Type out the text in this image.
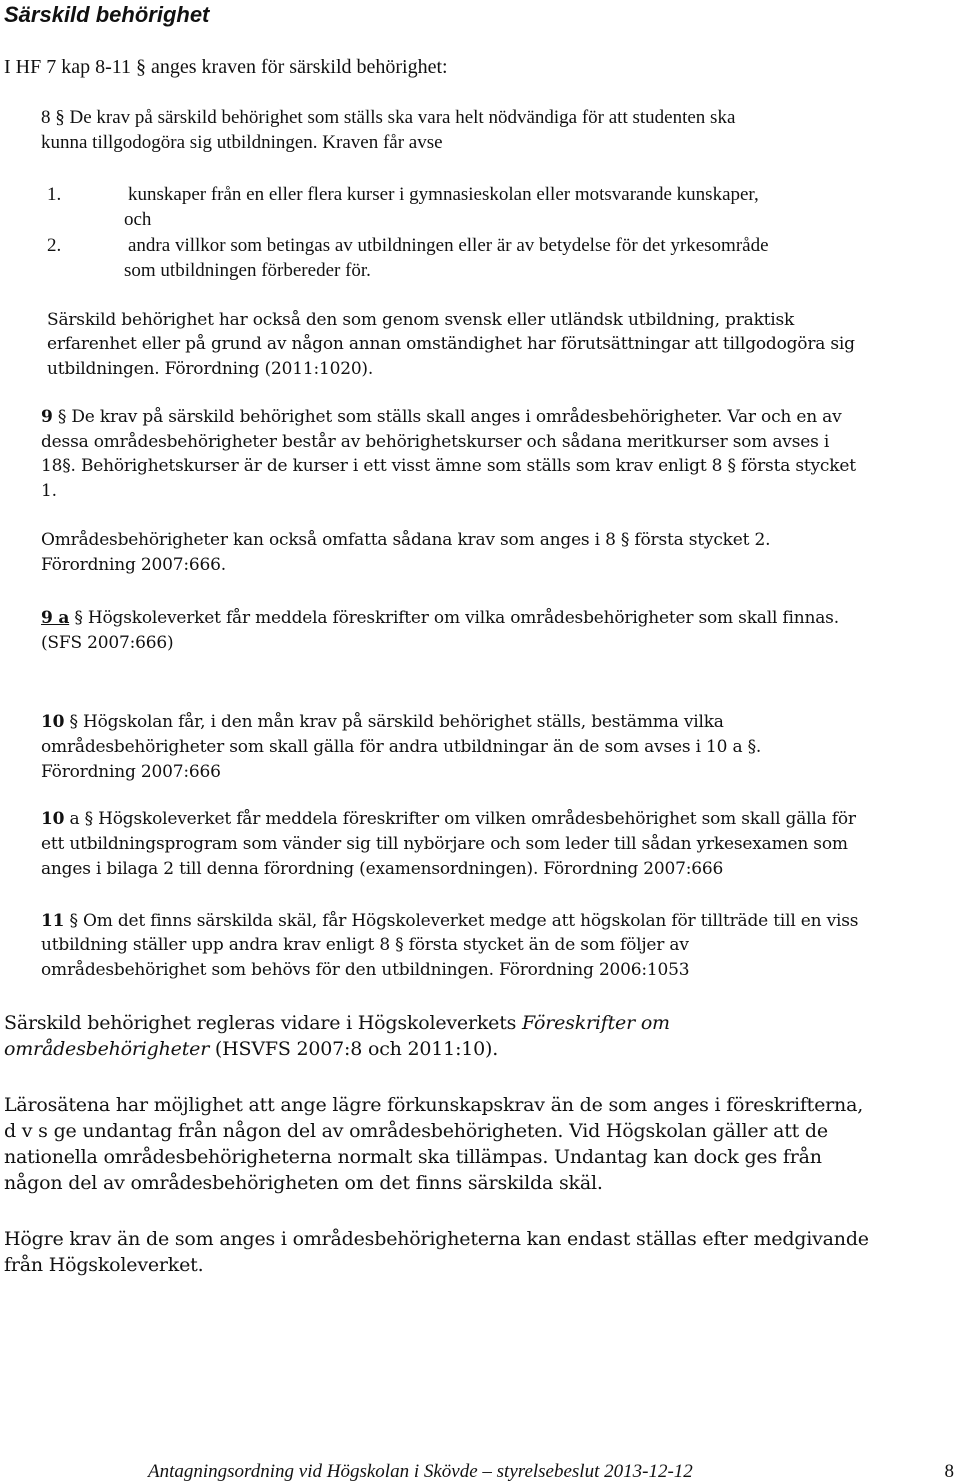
Särskild behörighet
I HF 7 kap 8-11 § anges kraven för särskild behörighet:
8 § De krav på särskild behörighet som ställs ska vara helt nödvändiga för att studenten ska
kunna tillgodogöra sig utbildningen. Kraven får avse
1.	kunskaper från en eller flera kurser i gymnasieskolan eller motsvarande kunskaper,
och
2.	andra villkor som betingas av utbildningen eller är av betydelse för det yrkesområde
som utbildningen förbereder för.
Särskild behörighet har också den som genom svensk eller utländsk utbildning, praktisk
erfarenhet eller på grund av någon annan omständighet har förutsättningar att tillgodogöra sig
utbildningen. Förordning (2011:1020).
9 § De krav på särskild behörighet som ställs skall anges i områdesbehörigheter. Var och en av
dessa områdesbehörigheter består av behörighetskurser och sådana meritkurser som avses i
18§. Behörighetskurser är de kurser i ett visst ämne som ställs som krav enligt 8 § första stycket
1.
Områdesbehörigheter kan också omfatta sådana krav som anges i 8 § första stycket 2.
Förordning 2007:666.
9 a § Högskoleverket får meddela föreskrifter om vilka områdesbehörigheter som skall finnas.
(SFS 2007:666)
10 § Högskolan får, i den mån krav på särskild behörighet ställs, bestämma vilka
områdesbehörigheter som skall gälla för andra utbildningar än de som avses i 10 a §.
Förordning 2007:666
10 a § Högskoleverket får meddela föreskrifter om vilken områdesbehörighet som skall gälla för
ett utbildningsprogram som vänder sig till nybörjare och som leder till sådan yrkesexamen som
anges i bilaga 2 till denna förordning (examensordningen). Förordning 2007:666
11 § Om det finns särskilda skäl, får Högskoleverket medge att högskolan för tillträde till en viss
utbildning ställer upp andra krav enligt 8 § första stycket än de som följer av
områdesbehörighet som behövs för den utbildningen. Förordning 2006:1053
Särskild behörighet regleras vidare i Högskoleverkets Föreskrifter om
områdesbehörigheter (HSVFS 2007:8 och 2011:10).
Lärosätena har möjlighet att ange lägre förkunskapskrav än de som anges i föreskrifterna,
d v s ge undantag från någon del av områdesbehörigheten. Vid Högskolan gäller att de
nationella områdesbehörigheterna normalt ska tillämpas. Undantag kan dock ges från
någon del av områdesbehörigheten om det finns särskilda skäl.
Högre krav än de som anges i områdesbehörigheterna kan endast ställas efter medgivande
från Högskoleverket.
Antagningsordning vid Högskolan i Skövde – styrelsebeslut 2013-12-12	8
